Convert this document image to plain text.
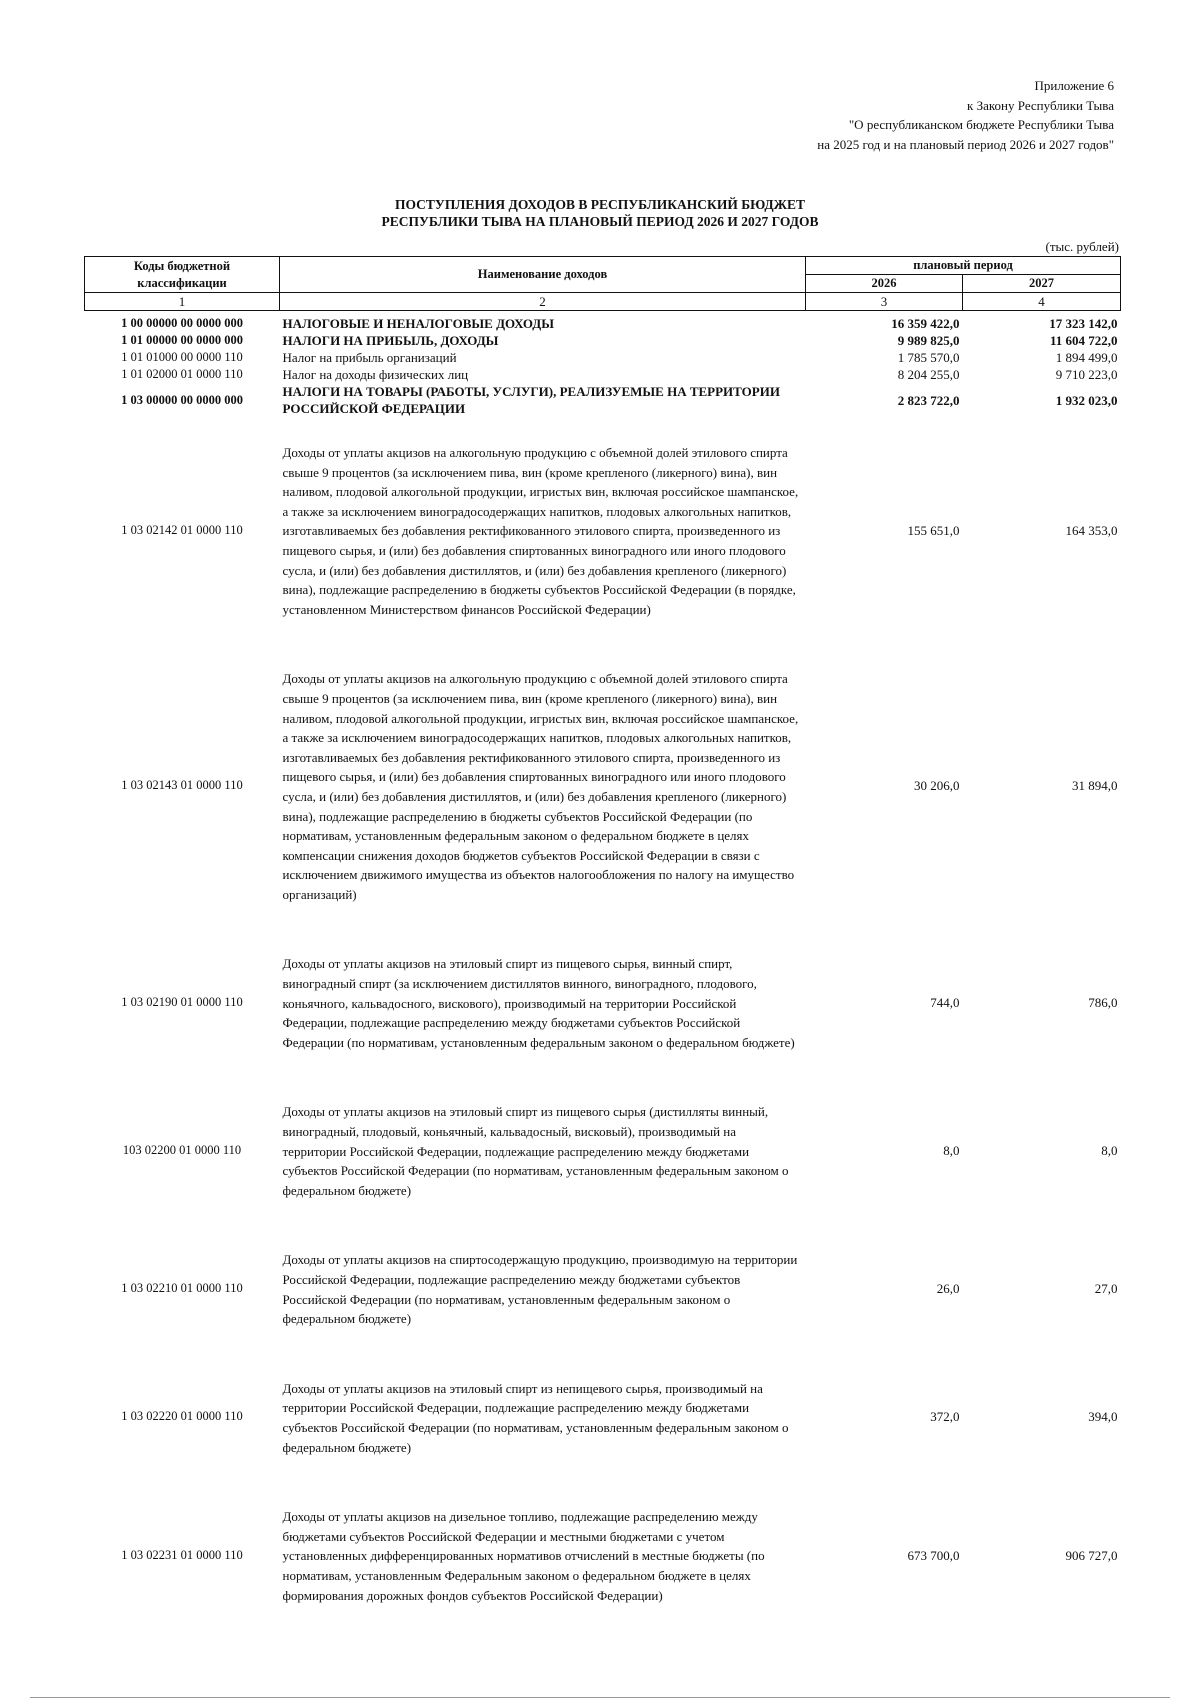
Приложение 6
к Закону Республики Тыва
"О республиканском бюджете Республики Тыва
на 2025 год и на плановый период 2026 и 2027 годов"
ПОСТУПЛЕНИЯ ДОХОДОВ В РЕСПУБЛИКАНСКИЙ БЮДЖЕТ
РЕСПУБЛИКИ ТЫВА НА ПЛАНОВЫЙ ПЕРИОД 2026 И 2027 ГОДОВ
(тыс. рублей)
Коды бюджетной классификации	Наименование доходов	плановый период	
		2026	2027
1	2	3	4
1 00 00000 00 0000 000	НАЛОГОВЫЕ И НЕНАЛОГОВЫЕ ДОХОДЫ	16 359 422,0	17 323 142,0
1 01 00000 00 0000 000	НАЛОГИ НА ПРИБЫЛЬ, ДОХОДЫ	9 989 825,0	11 604 722,0
1 01 01000 00 0000 110	Налог на прибыль организаций	1 785 570,0	1 894 499,0
1 01 02000 01 0000 110	Налог на доходы физических лиц	8 204 255,0	9 710 223,0
1 03 00000 00 0000 000	НАЛОГИ НА ТОВАРЫ (РАБОТЫ, УСЛУГИ), РЕАЛИЗУЕМЫЕ НА ТЕРРИТОРИИ РОССИЙСКОЙ ФЕДЕРАЦИИ	2 823 722,0	1 932 023,0
1 03 02142 01 0000 110	Доходы от уплаты акцизов на алкогольную продукцию с объемной долей этилового спирта свыше 9 процентов (за исключением пива, вин (кроме крепленого (ликерного) вина), вин наливом, плодовой алкогольной продукции, игристых вин, включая российское шампанское, а также за исключением виноградосодержащих напитков, плодовых алкогольных напитков, изготавливаемых без добавления ректификованного этилового спирта, произведенного из пищевого сырья, и (или) без добавления спиртованных виноградного или иного плодового сусла, и (или) без добавления дистиллятов, и (или) без добавления крепленого (ликерного) вина), подлежащие распределению в бюджеты субъектов Российской Федерации (в порядке, установленном Министерством финансов Российской Федерации)	155 651,0	164 353,0
1 03 02143 01 0000 110	Доходы от уплаты акцизов на алкогольную продукцию с объемной долей этилового спирта свыше 9 процентов (за исключением пива, вин (кроме крепленого (ликерного) вина), вин наливом, плодовой алкогольной продукции, игристых вин, включая российское шампанское, а также за исключением виноградосодержащих напитков, плодовых алкогольных напитков, изготавливаемых без добавления ректификованного этилового спирта, произведенного из пищевого сырья, и (или) без добавления спиртованных виноградного или иного плодового сусла, и (или) без добавления дистиллятов, и (или) без добавления крепленого (ликерного) вина), подлежащие распределению в бюджеты субъектов Российской Федерации (по нормативам, установленным федеральным законом о федеральном бюджете в целях компенсации снижения доходов бюджетов субъектов Российской Федерации в связи с исключением движимого имущества из объектов налогообложения по налогу на имущество организаций)	30 206,0	31 894,0
1 03 02190 01 0000 110	Доходы от уплаты акцизов на этиловый спирт из пищевого сырья, винный спирт, виноградный спирт (за исключением дистиллятов винного, виноградного, плодового, коньячного, кальвадосного, вискового), производимый на территории Российской Федерации, подлежащие распределению между бюджетами субъектов Российской Федерации (по нормативам, установленным федеральным законом о федеральном бюджете)	744,0	786,0
103 02200 01 0000 110	Доходы от уплаты акцизов на этиловый спирт из пищевого сырья (дистилляты винный, виноградный, плодовый, коньячный, кальвадосный, висковый), производимый на территории Российской Федерации, подлежащие распределению между бюджетами субъектов Российской Федерации (по нормативам, установленным федеральным законом о федеральном бюджете)	8,0	8,0
1 03 02210 01 0000 110	Доходы от уплаты акцизов на спиртосодержащую продукцию, производимую на территории Российской Федерации, подлежащие распределению между бюджетами субъектов Российской Федерации (по нормативам, установленным федеральным законом о федеральном бюджете)	26,0	27,0
1 03 02220 01 0000 110	Доходы от уплаты акцизов на этиловый спирт из непищевого сырья, производимый на территории Российской Федерации, подлежащие распределению между бюджетами субъектов Российской Федерации (по нормативам, установленным федеральным законом о федеральном бюджете)	372,0	394,0
1 03 02231 01 0000 110	Доходы от уплаты акцизов на дизельное топливо, подлежащие распределению между бюджетами субъектов Российской Федерации и местными бюджетами с учетом установленных дифференцированных нормативов отчислений в местные бюджеты (по нормативам, установленным Федеральным законом о федеральном бюджете в целях формирования дорожных фондов субъектов Российской Федерации)	673 700,0	906 727,0
